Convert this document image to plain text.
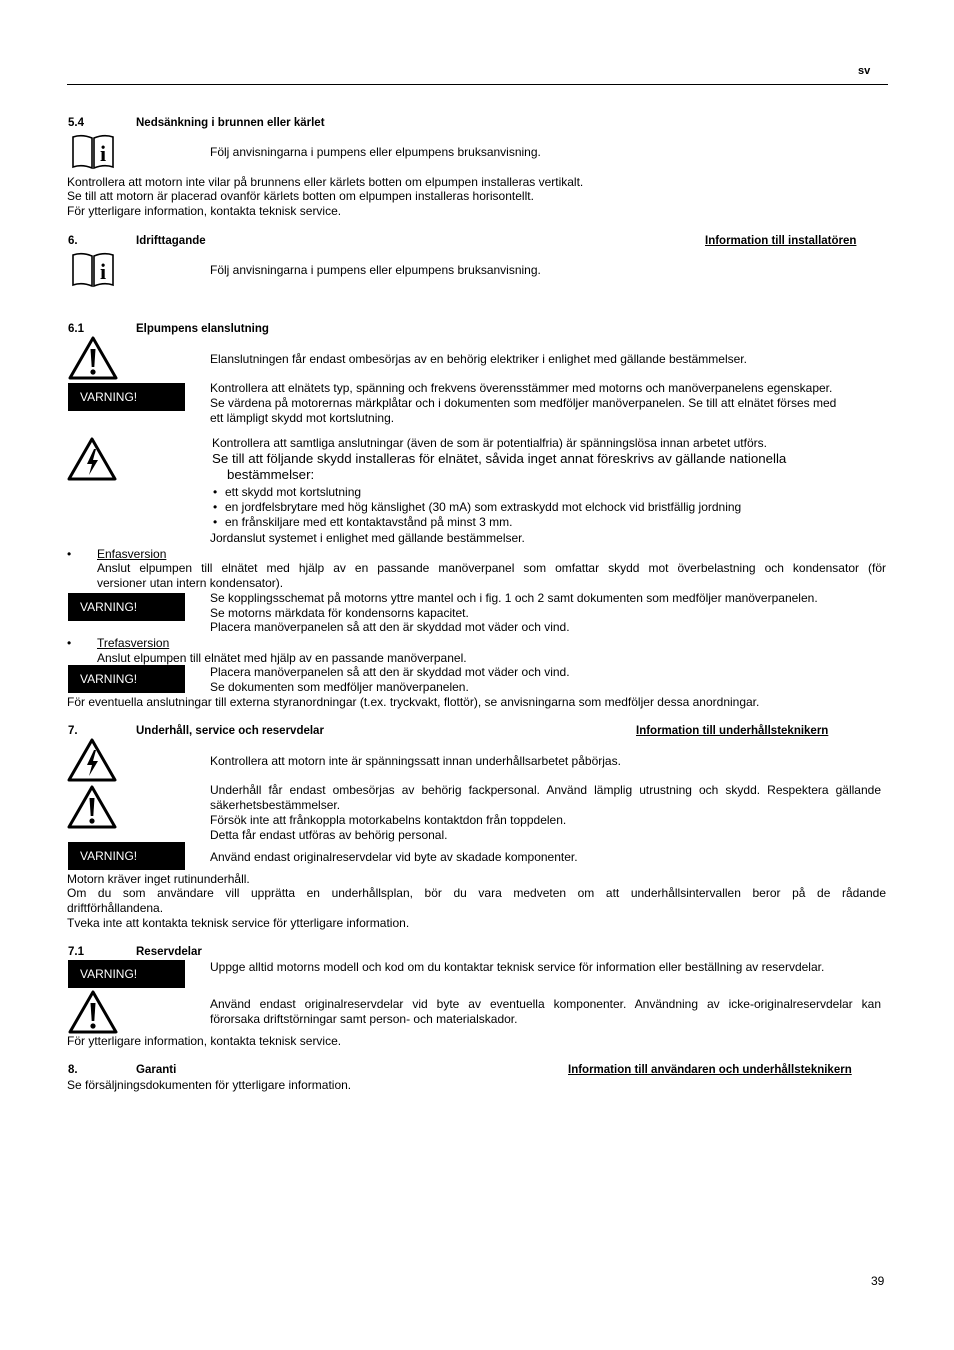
sv
5.4	Nedsänkning i brunnen eller kärlet
i	Följ anvisningarna i pumpens eller elpumpens bruksanvisning.
Kontrollera att motorn inte vilar på brunnens eller kärlets botten om elpumpen installeras vertikalt.
Se till att motorn är placerad ovanför kärlets botten om elpumpen installeras horisontellt.
För ytterligare information, kontakta teknisk service.
6.	Idrifttagande	Information till installatören
i	Följ anvisningarna i pumpens eller elpumpens bruksanvisning.
6.1	Elpumpens elanslutning
Elanslutningen får endast ombesörjas av en behörig elektriker i enlighet med gällande bestämmelser.
VARNING!
Kontrollera att elnätets typ, spänning och frekvens överensstämmer med motorns och manöverpanelens egenskaper.
Se värdena på motorernas märkplåtar och i dokumenten som medföljer manöverpanelen. Se till att elnätet förses med
ett lämpligt skydd mot kortslutning.
Kontrollera att samtliga anslutningar (även de som är potentialfria) är spänningslösa innan arbetet utförs.
Se till att följande skydd installeras för elnätet, såvida inget annat föreskrivs av gällande nationella
bestämmelser:
• ett skydd mot kortslutning
• en jordfelsbrytare med hög känslighet (30 mA) som extraskydd mot elchock vid bristfällig jordning
• en frånskiljare med ett kontaktavstånd på minst 3 mm.
Jordanslut systemet i enlighet med gällande bestämmelser.
• Enfasversion
Anslut elpumpen till elnätet med hjälp av en passande manöverpanel som omfattar skydd mot överbelastning och kondensator (för
versioner utan intern kondensator).
VARNING!
Se kopplingsschemat på motorns yttre mantel och i fig. 1 och 2 samt dokumenten som medföljer manöverpanelen.
Se motorns märkdata för kondensorns kapacitet.
Placera manöverpanelen så att den är skyddad mot väder och vind.
• Trefasversion
Anslut elpumpen till elnätet med hjälp av en passande manöverpanel.
VARNING!	Placera manöverpanelen så att den är skyddad mot väder och vind.
Se dokumenten som medföljer manöverpanelen.
För eventuella anslutningar till externa styranordningar (t.ex. tryckvakt, flottör), se anvisningarna som medföljer dessa anordningar.
7.	Underhåll, service och reservdelar	Information till underhållsteknikern
Kontrollera att motorn inte är spänningssatt innan underhållsarbetet påbörjas.
Underhåll får endast ombesörjas av behörig fackpersonal. Använd lämplig utrustning och skydd. Respektera gällande
säkerhetsbestämmelser.
Försök inte att frånkoppla motorkabelns kontaktdon från toppdelen.
Detta får endast utföras av behörig personal.
VARNING!	Använd endast originalreservdelar vid byte av skadade komponenter.
Motorn kräver inget rutinunderhåll.
Om du som användare vill upprätta en underhållsplan, bör du vara medveten om att underhållsintervallen beror på de rådande
driftförhållandena.
Tveka inte att kontakta teknisk service för ytterligare information.
7.1	Reservdelar
VARNING!	Uppge alltid motorns modell och kod om du kontaktar teknisk service för information eller beställning av reservdelar.
Använd endast originalreservdelar vid byte av eventuella komponenter. Användning av icke-originalreservdelar kan
förorsaka driftstörningar samt person- och materialskador.
För ytterligare information, kontakta teknisk service.
8.	Garanti	Information till användaren och underhållsteknikern
Se försäljningsdokumenten för ytterligare information.
39
